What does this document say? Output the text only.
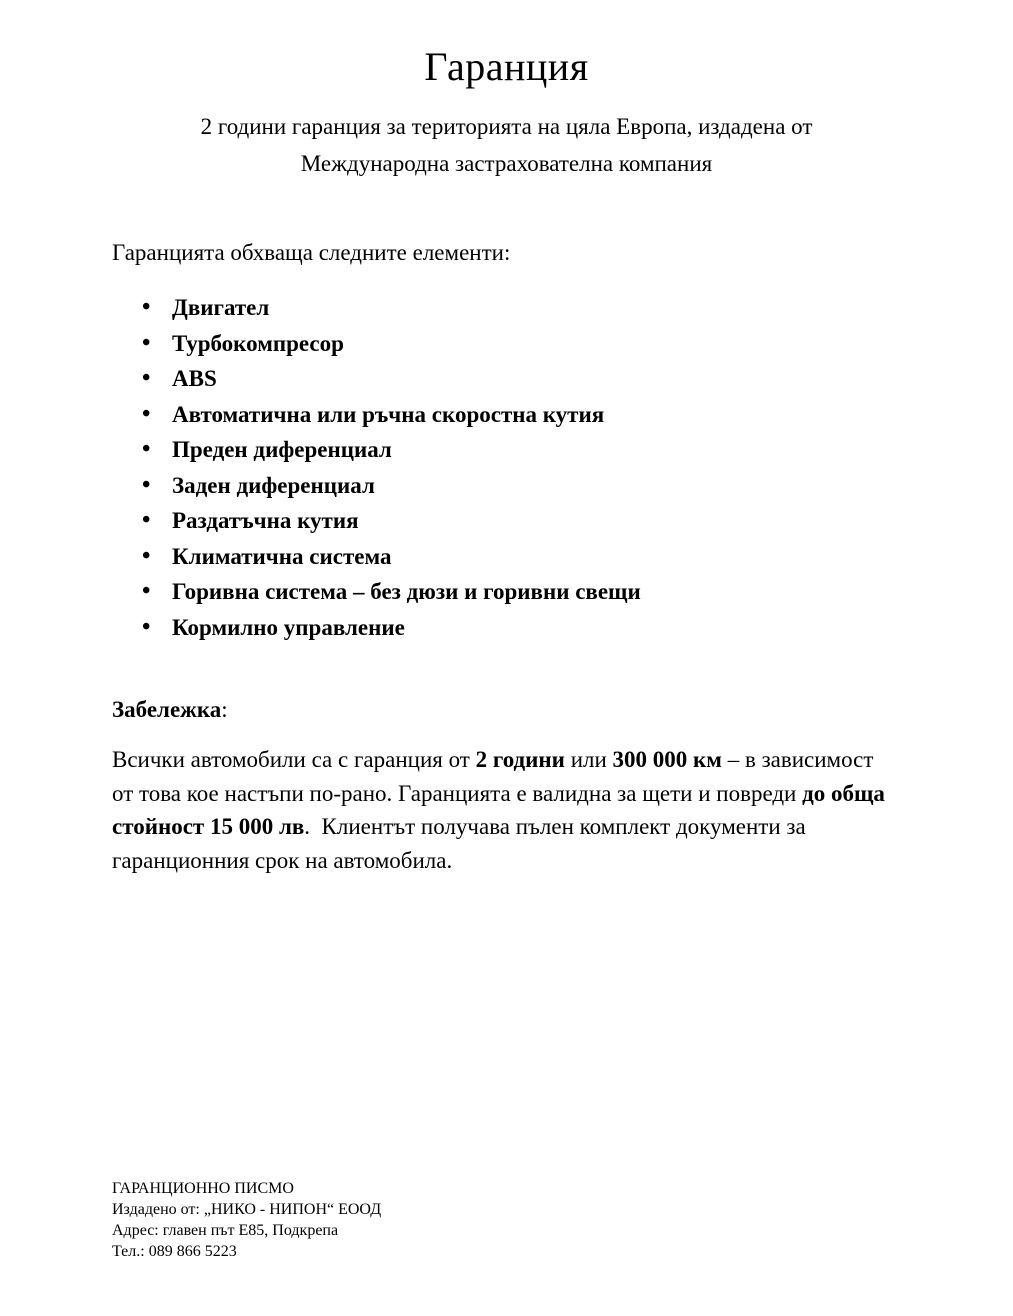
Гаранция
2 години гаранция за територията на цяла Европа, издадена от
Международна застрахователна компания

Гаранцията обхваща следните елементи:

• Двигател
• Турбокомпресор
• ABS
• Автоматична или ръчна скоростна кутия
• Преден диференциал
• Заден диференциал
• Раздатъчна кутия
• Климатична система
• Горивна система – без дюзи и горивни свещи
• Кормилно управление

Забележка:

Всички автомобили са с гаранция от 2 години или 300 000 км – в зависимост от това кое настъпи по-рано. Гаранцията е валидна за щети и повреди до обща стойност 15 000 лв.  Клиентът получава пълен комплект документи за гаранционния срок на автомобила.

ГАРАНЦИОННО ПИСМО
Издадено от: „НИКО - НИПОН“ ЕООД
Адрес: главен път Е85, Подкрепа
Тел.: 089 866 5223
